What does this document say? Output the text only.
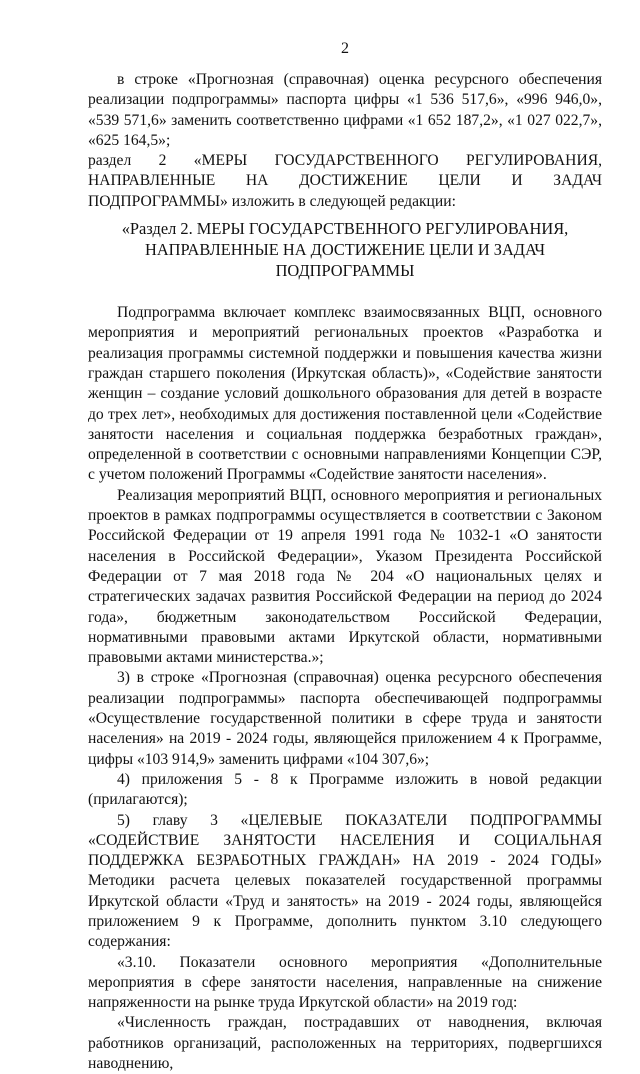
2

в строке «Прогнозная (справочная) оценка ресурсного обеспечения реализации подпрограммы» паспорта цифры «1 536 517,6», «996 946,0», «539 571,6» заменить соответственно цифрами «1 652 187,2», «1 027 022,7», «625 164,5»;

раздел 2 «МЕРЫ ГОСУДАРСТВЕННОГО РЕГУЛИРОВАНИЯ, НАПРАВЛЕННЫЕ НА ДОСТИЖЕНИЕ ЦЕЛИ И ЗАДАЧ ПОДПРОГРАММЫ» изложить в следующей редакции:

«Раздел 2. МЕРЫ ГОСУДАРСТВЕННОГО РЕГУЛИРОВАНИЯ,
НАПРАВЛЕННЫЕ НА ДОСТИЖЕНИЕ ЦЕЛИ И ЗАДАЧ ПОДПРОГРАММЫ

Подпрограмма включает комплекс взаимосвязанных ВЦП, основного мероприятия и мероприятий региональных проектов «Разработка и реализация программы системной поддержки и повышения качества жизни граждан старшего поколения (Иркутская область)», «Содействие занятости женщин – создание условий дошкольного образования для детей в возрасте до трех лет», необходимых для достижения поставленной цели «Содействие занятости населения и социальная поддержка безработных граждан», определенной в соответствии с основными направлениями Концепции СЭР, с учетом положений Программы «Содействие занятости населения».

Реализация мероприятий ВЦП, основного мероприятия и региональных проектов в рамках подпрограммы осуществляется в соответствии с Законом Российской Федерации от 19 апреля 1991 года № 1032-1 «О занятости населения в Российской Федерации», Указом Президента Российской Федерации от 7 мая 2018 года № 204 «О национальных целях и стратегических задачах развития Российской Федерации на период до 2024 года», бюджетным законодательством Российской Федерации, нормативными правовыми актами Иркутской области, нормативными правовыми актами министерства.»;

3) в строке «Прогнозная (справочная) оценка ресурсного обеспечения реализации подпрограммы» паспорта обеспечивающей подпрограммы «Осуществление государственной политики в сфере труда и занятости населения» на 2019 - 2024 годы, являющейся приложением 4 к Программе, цифры «103 914,9» заменить цифрами «104 307,6»;

4) приложения 5 - 8 к Программе изложить в новой редакции (прилагаются);

5) главу 3 «ЦЕЛЕВЫЕ ПОКАЗАТЕЛИ ПОДПРОГРАММЫ «СОДЕЙСТВИЕ ЗАНЯТОСТИ НАСЕЛЕНИЯ И СОЦИАЛЬНАЯ ПОДДЕРЖКА БЕЗРАБОТНЫХ ГРАЖДАН» НА 2019 - 2024 ГОДЫ» Методики расчета целевых показателей государственной программы Иркутской области «Труд и занятость» на 2019 - 2024 годы, являющейся приложением 9 к Программе, дополнить пунктом 3.10 следующего содержания:

«3.10. Показатели основного мероприятия «Дополнительные мероприятия в сфере занятости населения, направленные на снижение напряженности на рынке труда Иркутской области» на 2019 год:

«Численность граждан, пострадавших от наводнения, включая работников организаций, расположенных на территориях, подвергшихся наводнению,
